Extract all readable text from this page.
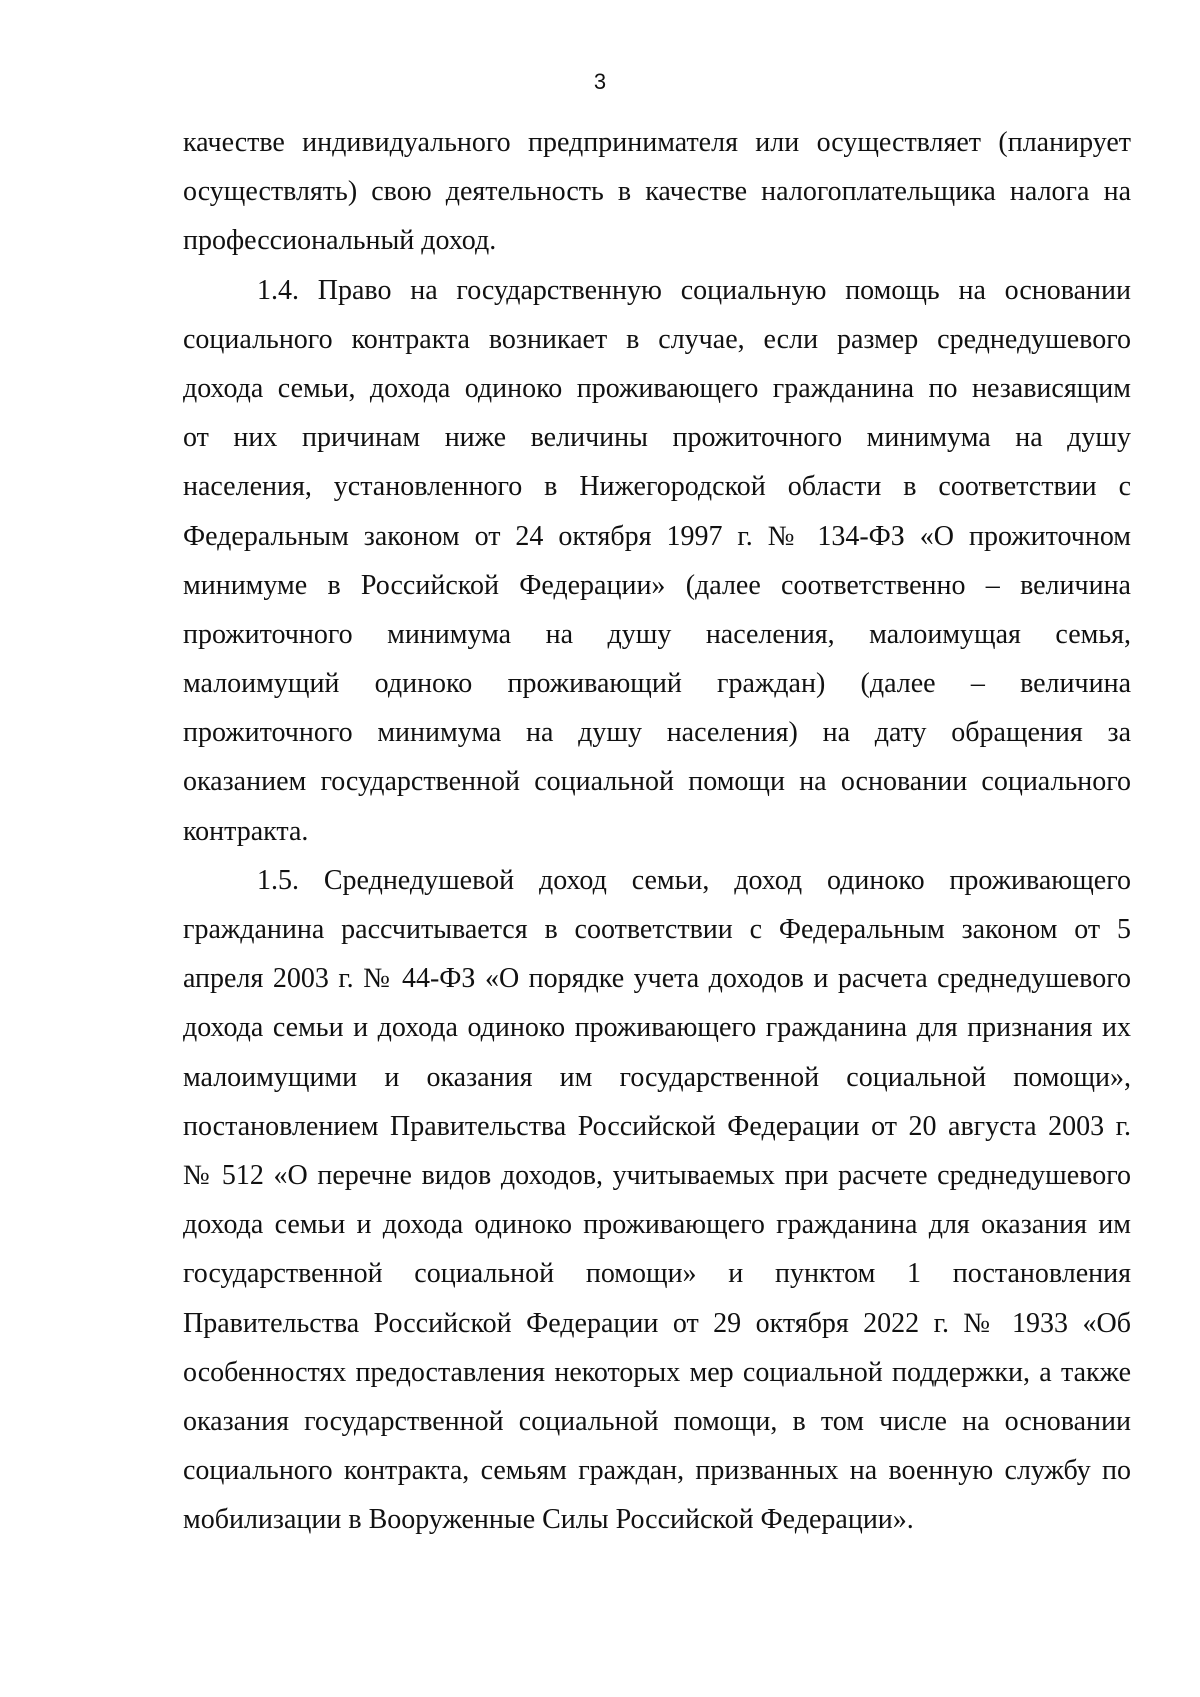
3
качестве индивидуального предпринимателя или осуществляет (планирует
осуществлять) свою деятельность в качестве налогоплательщика налога на
профессиональный доход.
1.4. Право на государственную социальную помощь на основании
социального контракта возникает в случае, если размер среднедушевого
дохода семьи, дохода одиноко проживающего гражданина по независящим
от них причинам ниже величины прожиточного минимума на душу
населения, установленного в Нижегородской области в соответствии с
Федеральным законом от 24 октября 1997 г. № 134-ФЗ «О прожиточном
минимуме в Российской Федерации» (далее соответственно – величина
прожиточного минимума на душу населения, малоимущая семья,
малоимущий одиноко проживающий граждан) (далее – величина
прожиточного минимума на душу населения) на дату обращения за
оказанием государственной социальной помощи на основании социального
контракта.
1.5. Среднедушевой доход семьи, доход одиноко проживающего
гражданина рассчитывается в соответствии с Федеральным законом от 5
апреля 2003 г. № 44-ФЗ «О порядке учета доходов и расчета среднедушевого
дохода семьи и дохода одиноко проживающего гражданина для признания их
малоимущими и оказания им государственной социальной помощи»,
постановлением Правительства Российской Федерации от 20 августа 2003 г.
№ 512 «О перечне видов доходов, учитываемых при расчете среднедушевого
дохода семьи и дохода одиноко проживающего гражданина для оказания им
государственной социальной помощи» и пунктом 1 постановления
Правительства Российской Федерации от 29 октября 2022 г. № 1933 «Об
особенностях предоставления некоторых мер социальной поддержки, а также
оказания государственной социальной помощи, в том числе на основании
социального контракта, семьям граждан, призванных на военную службу по
мобилизации в Вооруженные Силы Российской Федерации».
